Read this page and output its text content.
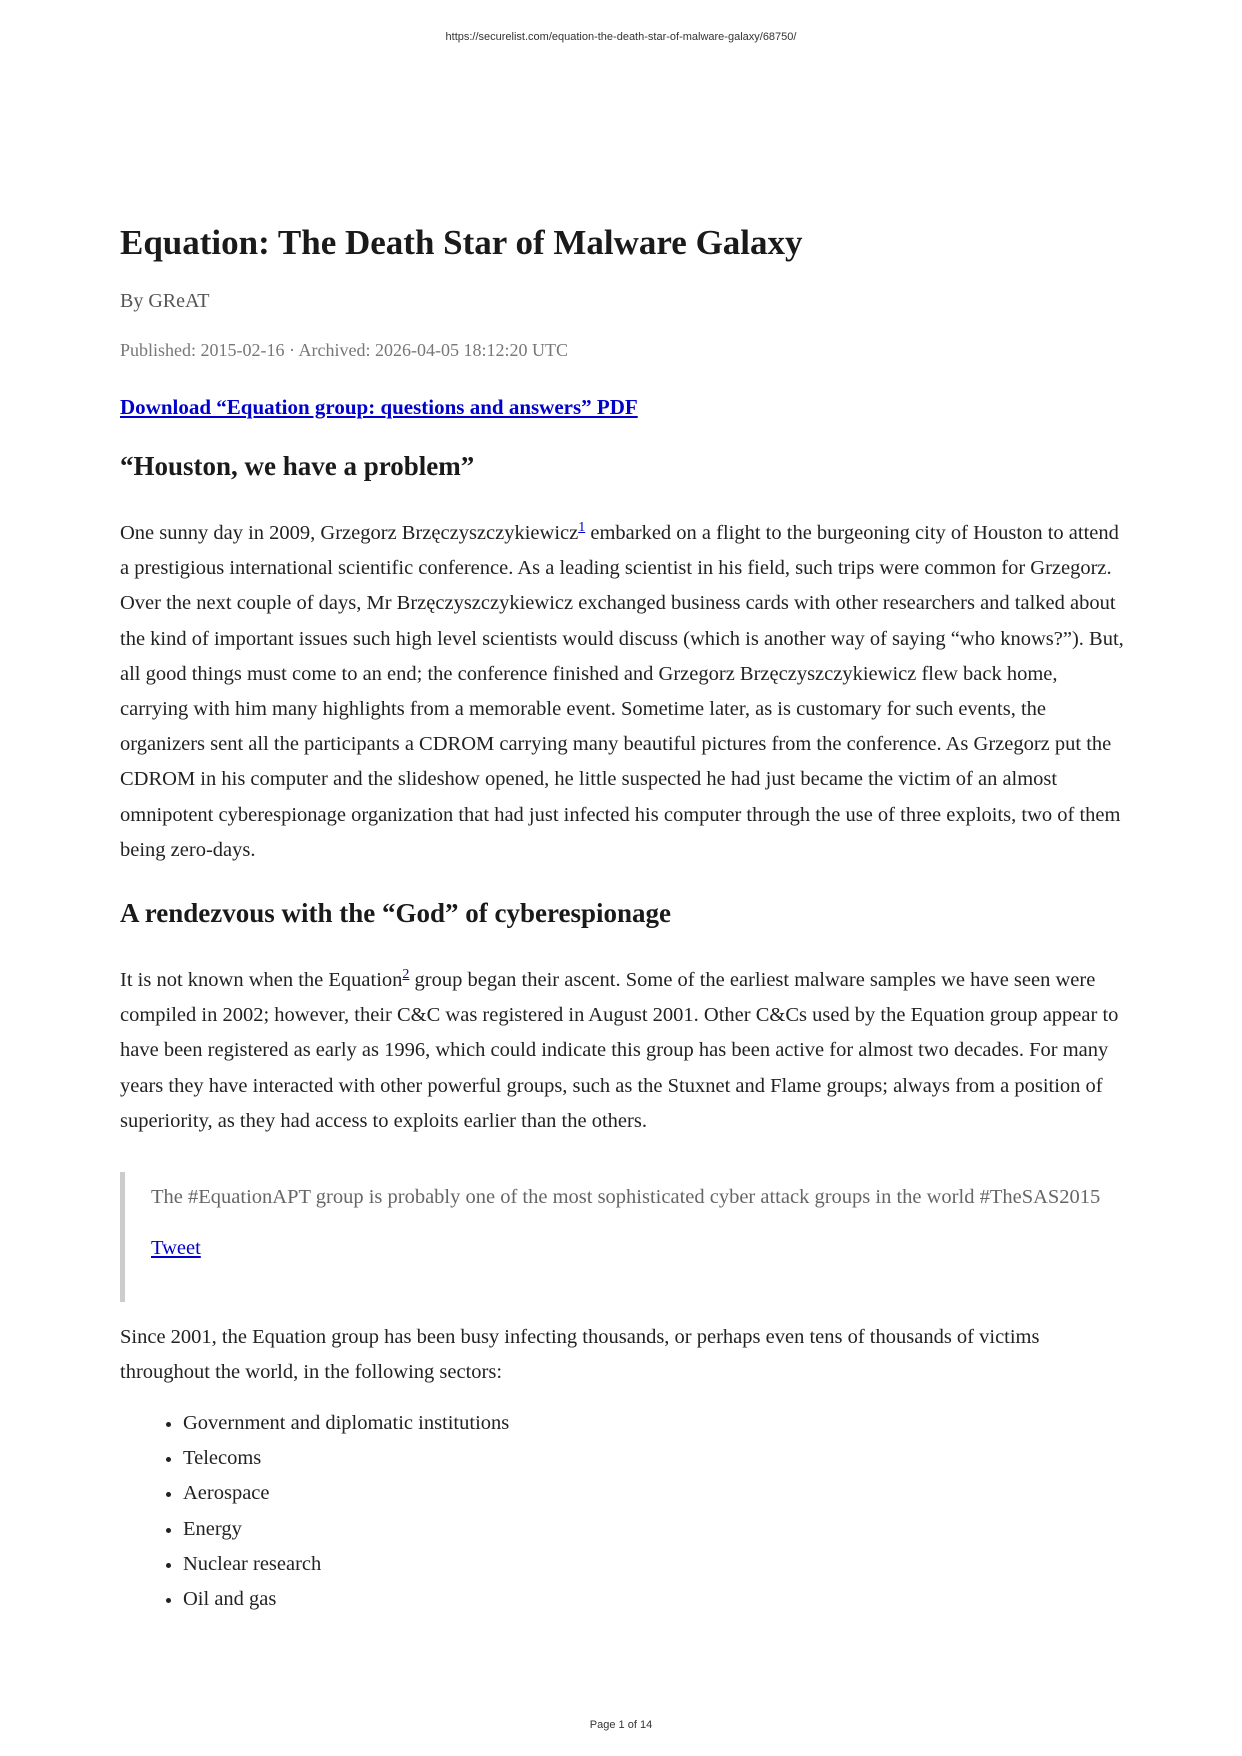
https://securelist.com/equation-the-death-star-of-malware-galaxy/68750/
Equation: The Death Star of Malware Galaxy
By GReAT
Published: 2015-02-16 · Archived: 2026-04-05 18:12:20 UTC
Download “Equation group: questions and answers” PDF
“Houston, we have a problem”

One sunny day in 2009, Grzegorz Brzęczyszczykiewicz$^1$ embarked on a flight to the burgeoning city of Houston to attend a prestigious international scientific conference. As a leading scientist in his field, such trips were common for Grzegorz. Over the next couple of days, Mr Brzęczyszczykiewicz exchanged business cards with other researchers and talked about the kind of important issues such high level scientists would discuss (which is another way of saying “who knows?”). But, all good things must come to an end; the conference finished and Grzegorz Brzęczyszczykiewicz flew back home, carrying with him many highlights from a memorable event. Sometime later, as is customary for such events, the organizers sent all the participants a CDROM carrying many beautiful pictures from the conference. As Grzegorz put the CDROM in his computer and the slideshow opened, he little suspected he had just became the victim of an almost omnipotent cyberespionage organization that had just infected his computer through the use of three exploits, two of them being zero-days.

A rendezvous with the “God” of cyberespionage

It is not known when the Equation$^2$ group began their ascent. Some of the earliest malware samples we have seen were compiled in 2002; however, their C&C was registered in August 2001. Other C&Cs used by the Equation group appear to have been registered as early as 1996, which could indicate this group has been active for almost two decades. For many years they have interacted with other powerful groups, such as the Stuxnet and Flame groups; always from a position of superiority, as they had access to exploits earlier than the others.

The #EquationAPT group is probably one of the most sophisticated cyber attack groups in the world #TheSAS2015

Tweet

Since 2001, the Equation group has been busy infecting thousands, or perhaps even tens of thousands of victims throughout the world, in the following sectors:

• Government and diplomatic institutions
• Telecoms
• Aerospace
• Energy
• Nuclear research
• Oil and gas
Page 1 of 14
